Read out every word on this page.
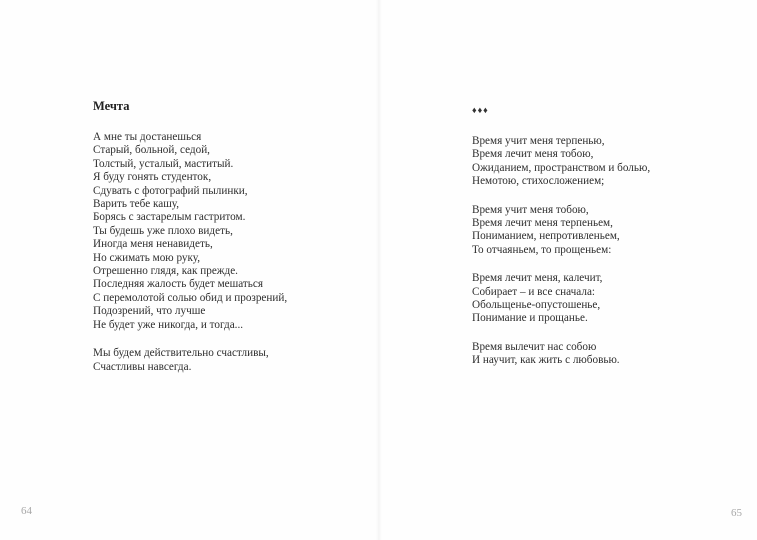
Мечта
А мне ты достанешься
Старый, больной, седой,
Толстый, усталый, маститый.
Я буду гонять студенток,
Сдувать с фотографий пылинки,
Варить тебе кашу,
Борясь с застарелым гастритом.
Ты будешь уже плохо видеть,
Иногда меня ненавидеть,
Но сжимать мою руку,
Отрешенно глядя, как прежде.
Последняя жалость будет мешаться
С перемолотой солью обид и прозрений,
Подозрений, что лучше
Не будет уже никогда, и тогда...
Мы будем действительно счастливы,
Счастливы навсегда.
♦♦♦
Время учит меня терпенью,
Время лечит меня тобою,
Ожиданием, пространством и болью,
Немотою, стихосложением;
Время учит меня тобою,
Время лечит меня терпеньем,
Пониманием, непротивленьем,
То отчаяньем, то прощеньем:
Время лечит меня, калечит,
Собирает – и все сначала:
Обольщенье-опустошенье,
Понимание и прощанье.
Время вылечит нас собою
И научит, как жить с любовью.
64	65
